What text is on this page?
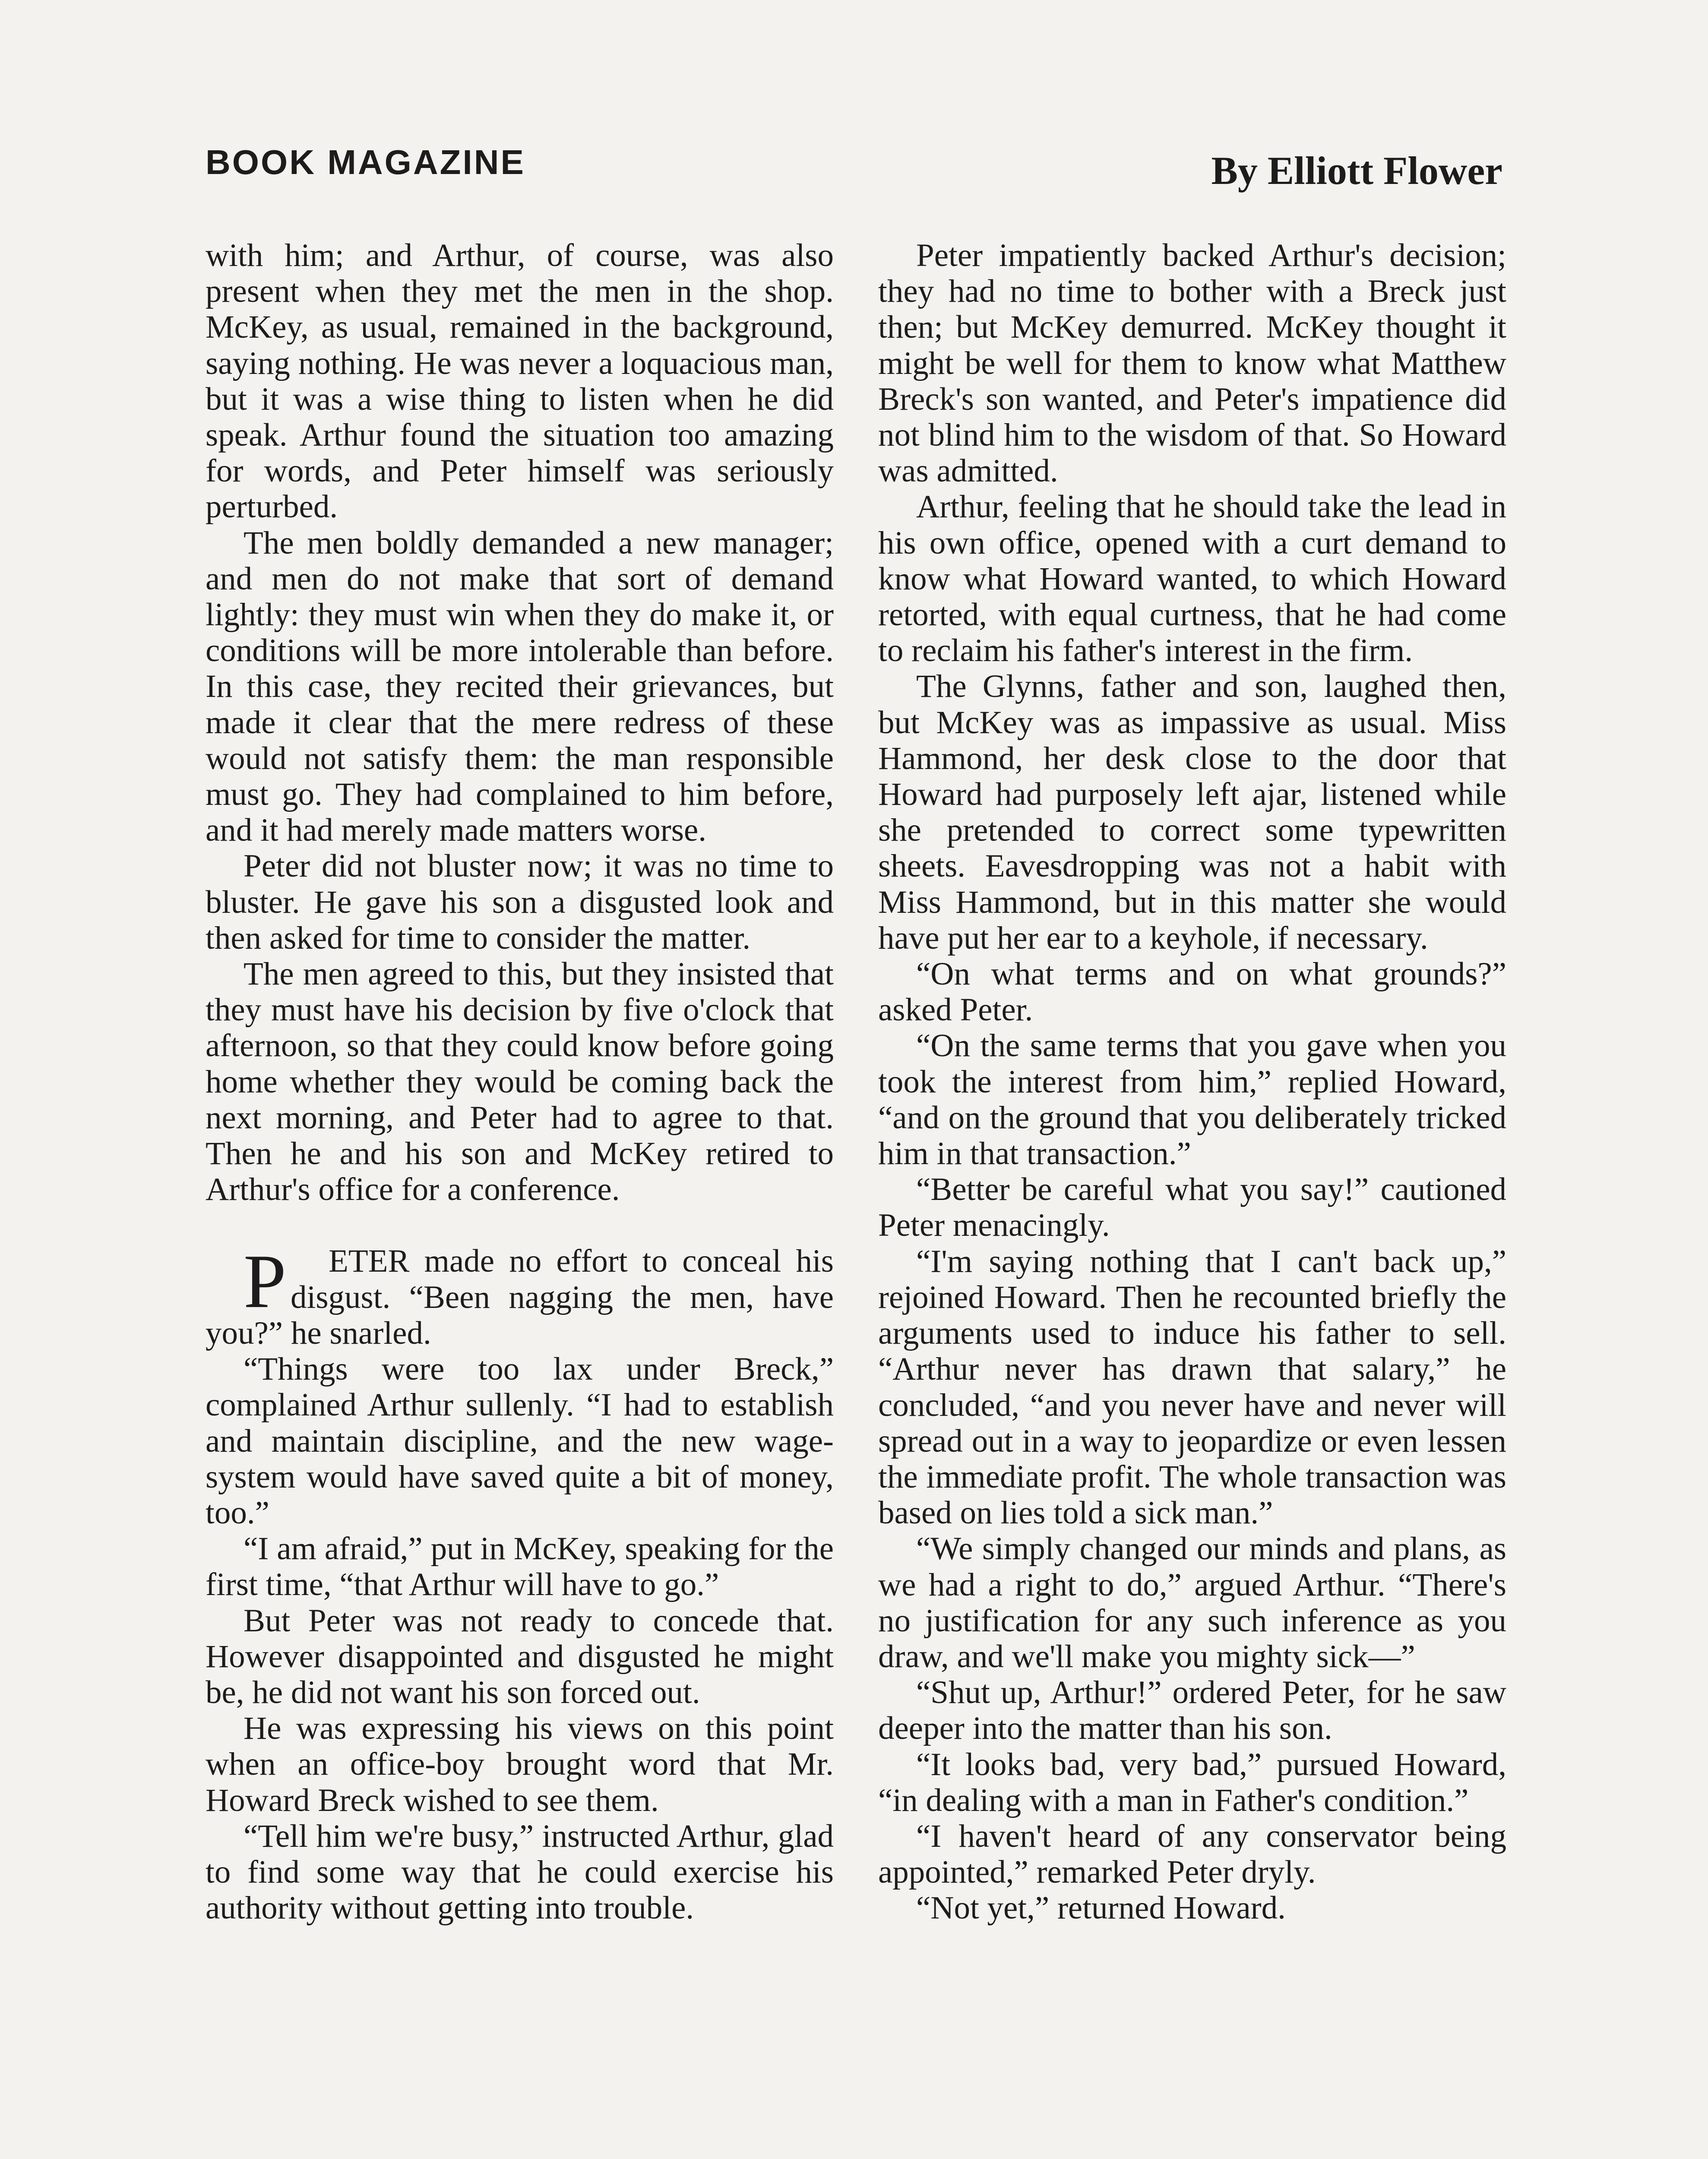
BOOK MAGAZINE	By Elliott Flower

with him; and Arthur, of course, was also present when they met the men in the shop. McKey, as usual, remained in the background, saying nothing. He was never a loquacious man, but it was a wise thing to listen when he did speak. Arthur found the situation too amazing for words, and Peter himself was seriously perturbed.

The men boldly demanded a new manager; and men do not make that sort of demand lightly: they must win when they do make it, or conditions will be more intolerable than before. In this case, they recited their grievances, but made it clear that the mere redress of these would not satisfy them: the man responsible must go. They had complained to him before, and it had merely made matters worse.

Peter did not bluster now; it was no time to bluster. He gave his son a disgusted look and then asked for time to consider the matter.

The men agreed to this, but they insisted that they must have his decision by five o'clock that afternoon, so that they could know before going home whether they would be coming back the next morning, and Peter had to agree to that. Then he and his son and McKey retired to Arthur's office for a conference.

P ETER made no effort to conceal his disgust. “Been nagging the men, have you?” he snarled.

“Things were too lax under Breck,” complained Arthur sullenly. “I had to establish and maintain discipline, and the new wage-system would have saved quite a bit of money, too.”

“I am afraid,” put in McKey, speaking for the first time, “that Arthur will have to go.”

But Peter was not ready to concede that. However disappointed and disgusted he might be, he did not want his son forced out.

He was expressing his views on this point when an office-boy brought word that Mr. Howard Breck wished to see them.

“Tell him we're busy,” instructed Arthur, glad to find some way that he could exercise his authority without getting into trouble.

Peter impatiently backed Arthur's decision; they had no time to bother with a Breck just then; but McKey demurred. McKey thought it might be well for them to know what Matthew Breck's son wanted, and Peter's impatience did not blind him to the wisdom of that. So Howard was admitted.

Arthur, feeling that he should take the lead in his own office, opened with a curt demand to know what Howard wanted, to which Howard retorted, with equal curtness, that he had come to reclaim his father's interest in the firm.

The Glynns, father and son, laughed then, but McKey was as impassive as usual. Miss Hammond, her desk close to the door that Howard had purposely left ajar, listened while she pretended to correct some typewritten sheets. Eavesdropping was not a habit with Miss Hammond, but in this matter she would have put her ear to a keyhole, if necessary.

“On what terms and on what grounds?” asked Peter.

“On the same terms that you gave when you took the interest from him,” replied Howard, “and on the ground that you deliberately tricked him in that transaction.”

“Better be careful what you say!” cautioned Peter menacingly.

“I'm saying nothing that I can't back up,” rejoined Howard. Then he recounted briefly the arguments used to induce his father to sell. “Arthur never has drawn that salary,” he concluded, “and you never have and never will spread out in a way to jeopardize or even lessen the immediate profit. The whole transaction was based on lies told a sick man.”

“We simply changed our minds and plans, as we had a right to do,” argued Arthur. “There's no justification for any such inference as you draw, and we'll make you mighty sick—”

“Shut up, Arthur!” ordered Peter, for he saw deeper into the matter than his son.

“It looks bad, very bad,” pursued Howard, “in dealing with a man in Father's condition.”

“I haven't heard of any conservator being appointed,” remarked Peter dryly.

“Not yet,” returned Howard.
